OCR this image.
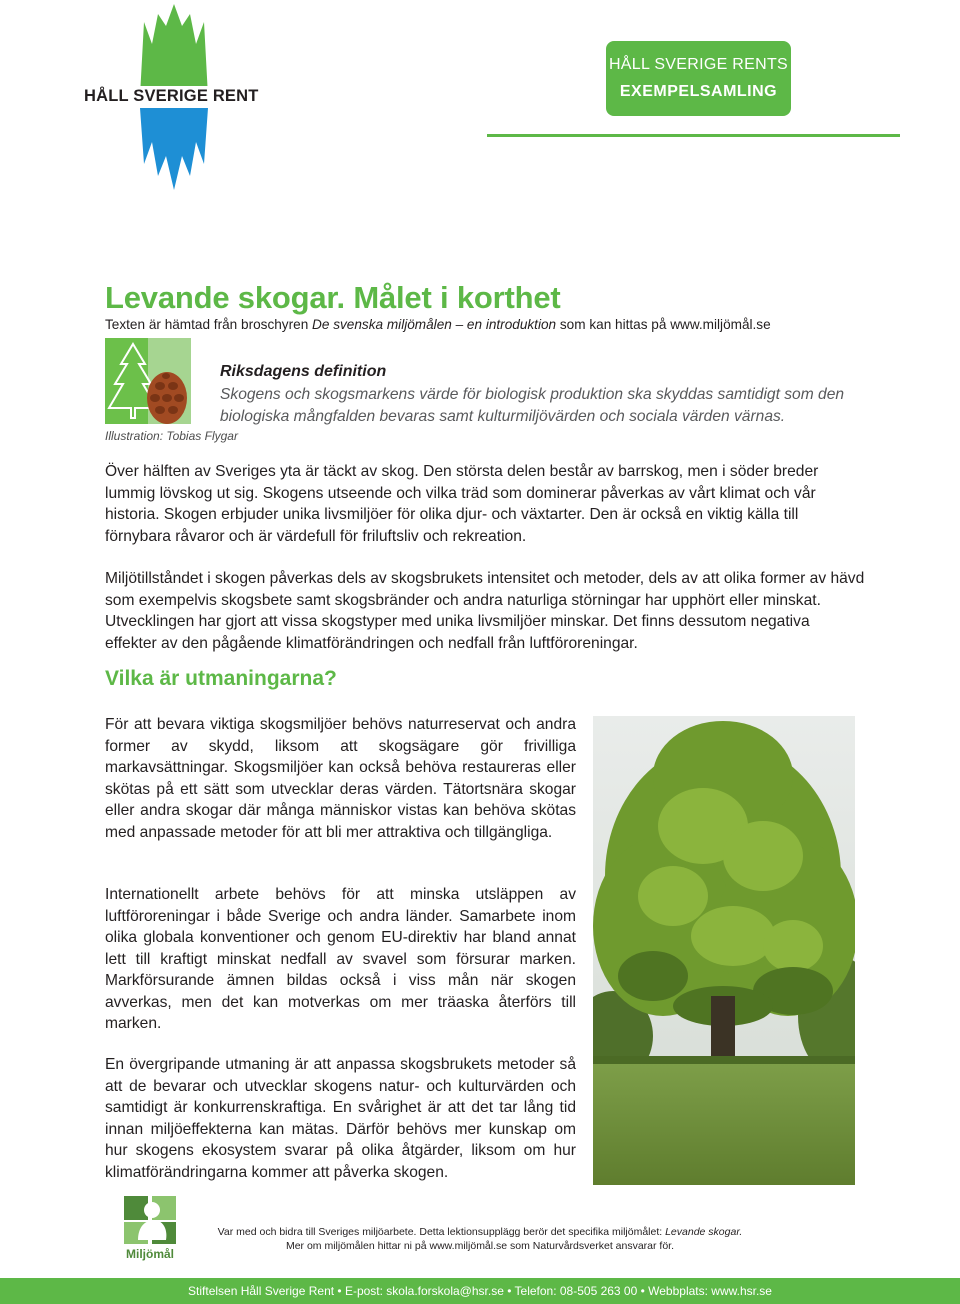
HÅLL SVERIGE RENT
HÅLL SVERIGE RENTS
EXEMPELSAMLING
Levande skogar. Målet i korthet

Texten är hämtad från broschyren De svenska miljömålen – en introduktion som kan hittas på www.miljömål.se

Illustration: Tobias Flygar
Riksdagens definition

Skogens och skogsmarkens värde för biologisk produktion ska skyddas samtidigt som den biologiska mångfalden bevaras samt kulturmiljövärden och sociala värden värnas.

Över hälften av Sveriges yta är täckt av skog. Den största delen består av barrskog, men i söder breder lummig lövskog ut sig. Skogens utseende och vilka träd som dominerar påverkas av vårt klimat och vår historia. Skogen erbjuder unika livsmiljöer för olika djur- och växtarter. Den är också en viktig källa till förnybara råvaror och är värdefull för friluftsliv och rekreation.

Miljötillståndet i skogen påverkas dels av skogsbrukets intensitet och metoder, dels av att olika former av hävd som exempelvis skogsbete samt skogsbränder och andra naturliga störningar har upphört eller minskat. Utvecklingen har gjort att vissa skogstyper med unika livsmiljöer minskar. Det finns dessutom negativa effekter av den pågående klimatförändringen och nedfall från luftföroreningar.

Vilka är utmaningarna?

För att bevara viktiga skogsmiljöer behövs naturreservat och andra former av skydd, liksom att skogsägare gör frivilliga markavsättningar. Skogsmiljöer kan också behöva restaureras eller skötas på ett sätt som utvecklar deras värden. Tätortsnära skogar eller andra skogar där många människor vistas kan behöva skötas med anpassade metoder för att bli mer attraktiva och tillgängliga.

Internationellt arbete behövs för att minska utsläppen av luftföroreningar i både Sverige och andra länder. Samarbete inom olika globala konventioner och genom EU-direktiv har bland annat lett till kraftigt minskat nedfall av svavel som försurar marken. Markförsurande ämnen bildas också i viss mån när skogen avverkas, men det kan motverkas om mer träaska återförs till marken.

En övergripande utmaning är att anpassa skogsbrukets metoder så att de bevarar och utvecklar skogens natur- och kulturvärden och samtidigt är konkurrenskraftiga. En svårighet är att det tar lång tid innan miljöeffekterna kan mätas. Därför behövs mer kunskap om hur skogens ekosystem svarar på olika åtgärder, liksom om hur klimatförändringarna kommer att påverka skogen.

Miljömål
Var med och bidra till Sveriges miljöarbete. Detta lektionsupplägg berör det specifika miljömålet: Levande skogar.
Mer om miljömålen hittar ni på www.miljömål.se som Naturvårdsverket ansvarar för.
Stiftelsen Håll Sverige Rent • E-post: skola.forskola@hsr.se • Telefon: 08-505 263 00 • Webbplats: www.hsr.se
